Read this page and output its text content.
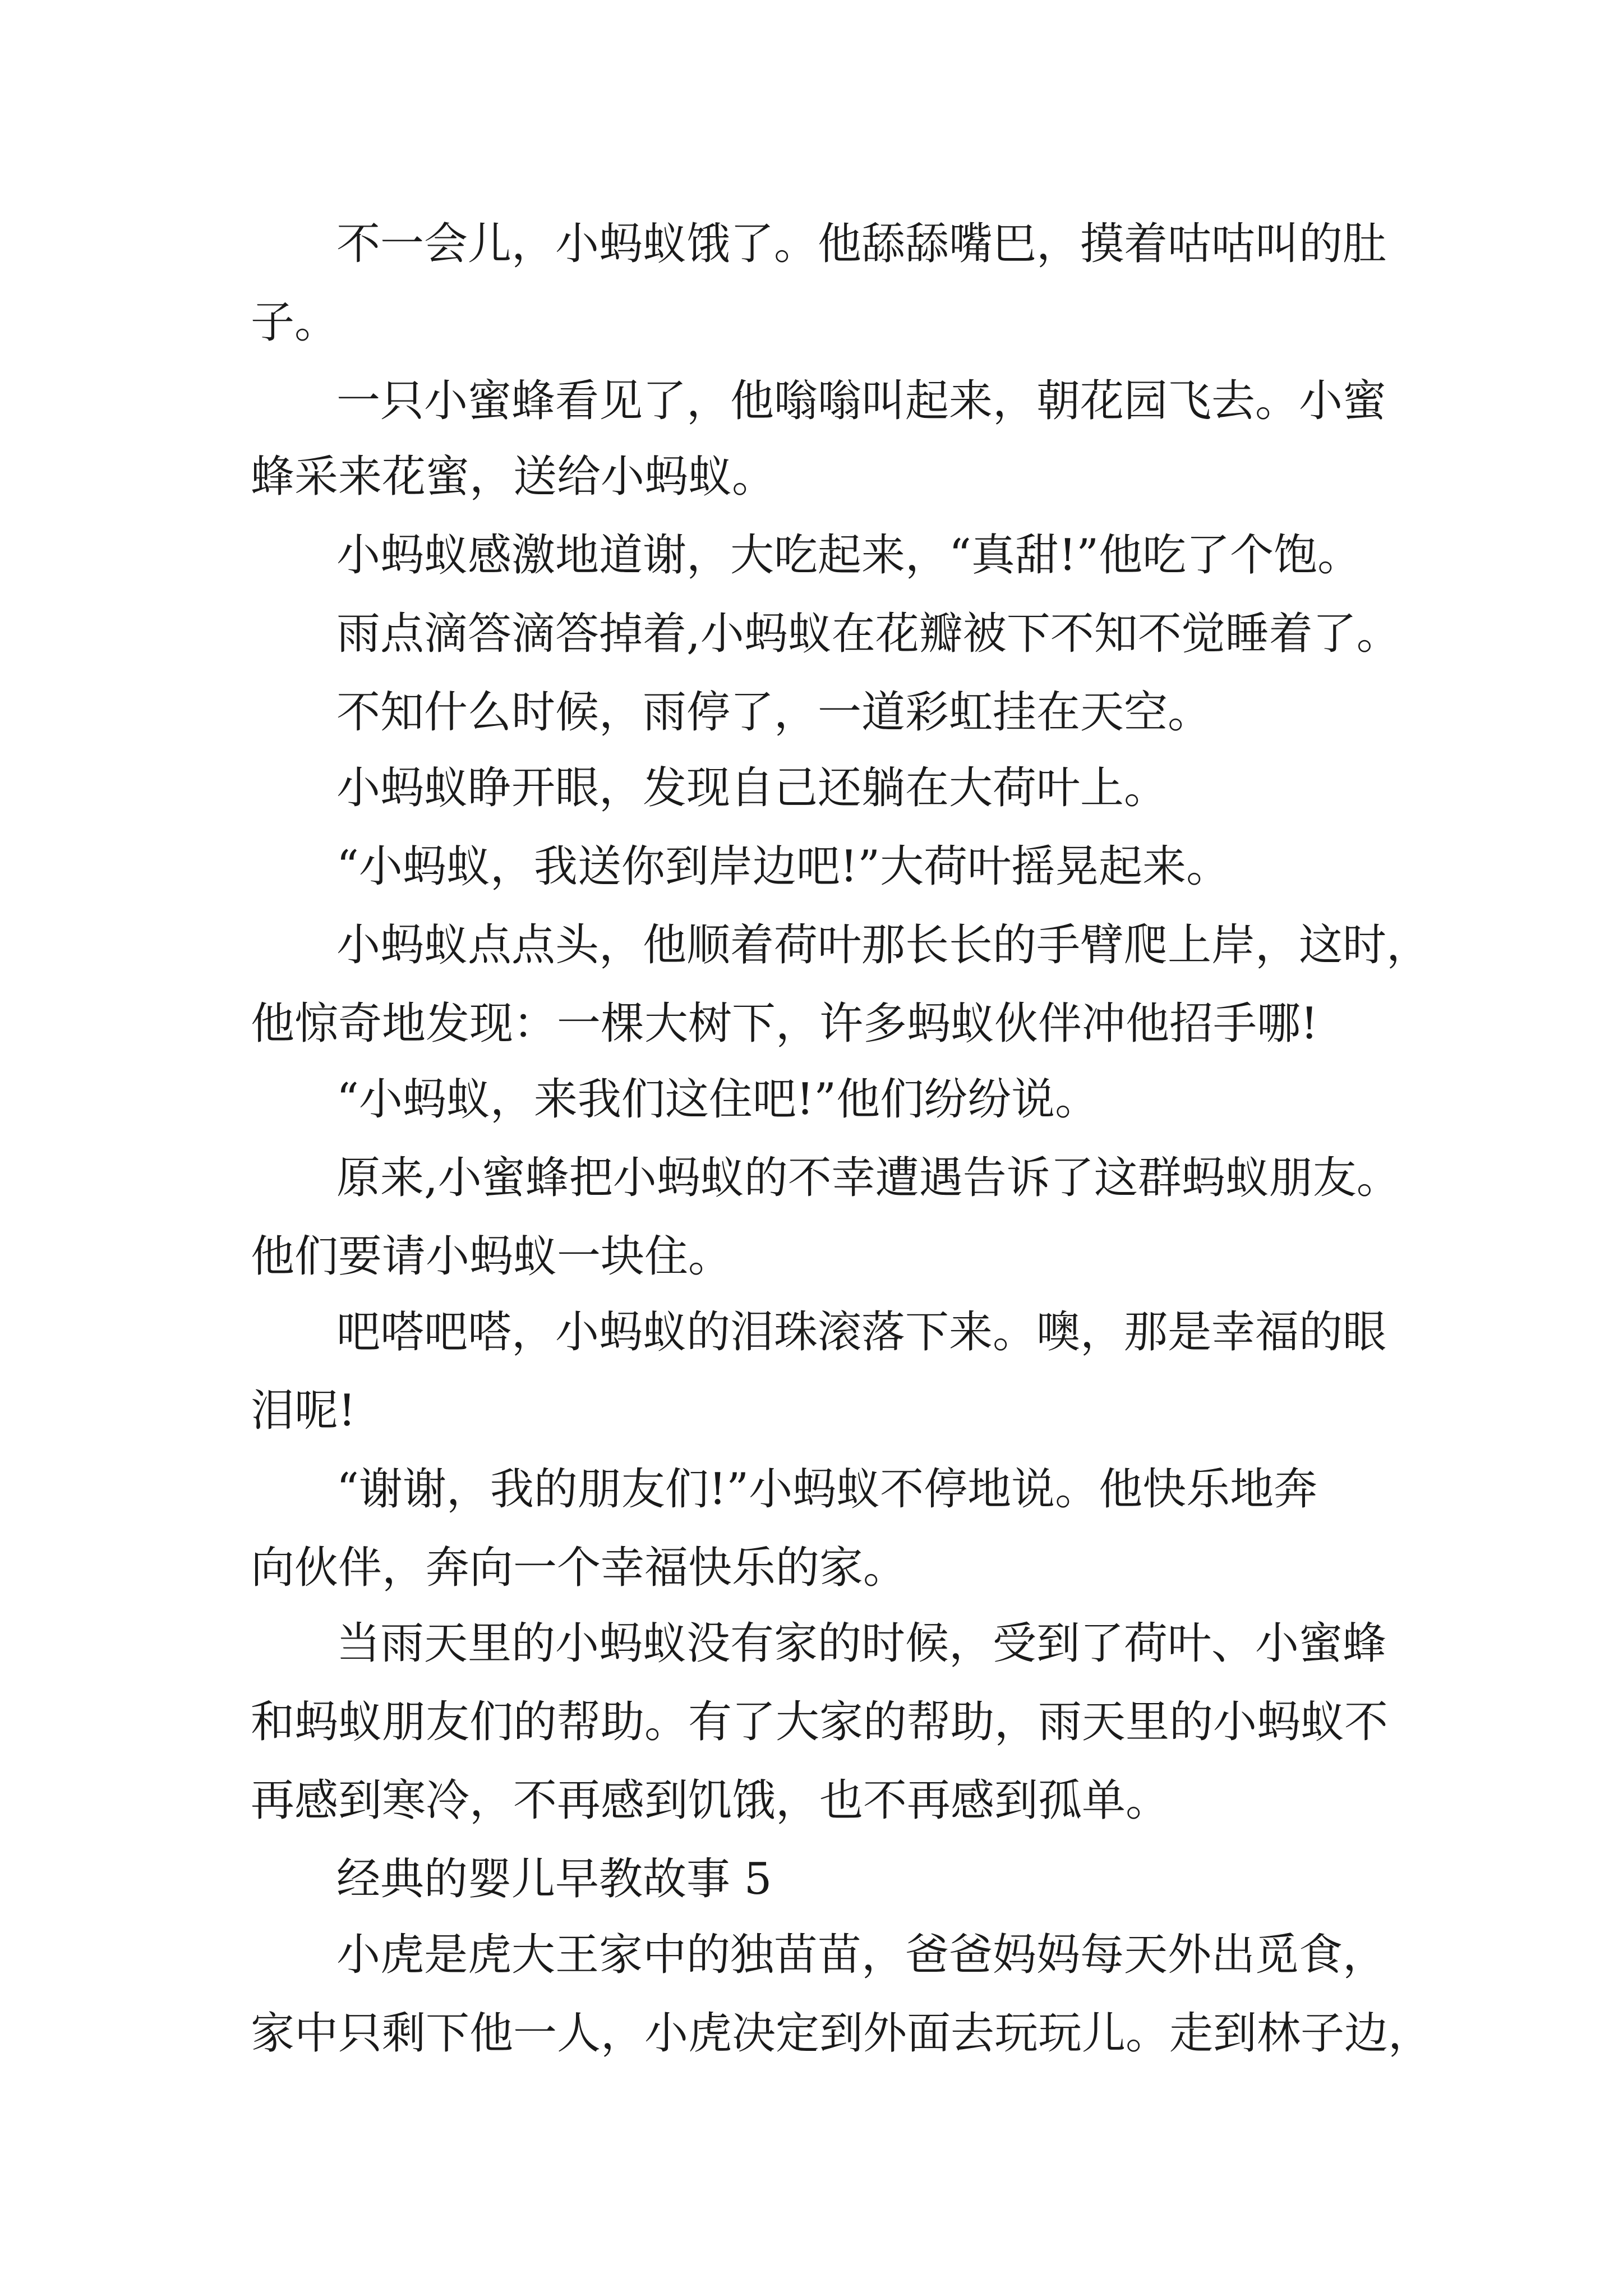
不一会儿，小蚂蚁饿了。他舔舔嘴巴，摸着咕咕叫的肚
子。
一只小蜜蜂看见了，他嗡嗡叫起来，朝花园飞去。小蜜
蜂采来花蜜，送给小蚂蚁。
小蚂蚁感激地道谢，大吃起来，“真甜!”他吃了个饱。
雨点滴答滴答掉着,小蚂蚁在花瓣被下不知不觉睡着了。
不知什么时候，雨停了，一道彩虹挂在天空。
小蚂蚁睁开眼，发现自己还躺在大荷叶上。
“小蚂蚁，我送你到岸边吧!”大荷叶摇晃起来。
小蚂蚁点点头，他顺着荷叶那长长的手臂爬上岸，这时，
他惊奇地发现：一棵大树下，许多蚂蚁伙伴冲他招手哪!
“小蚂蚁，来我们这住吧!”他们纷纷说。
原来,小蜜蜂把小蚂蚁的不幸遭遇告诉了这群蚂蚁朋友。
他们要请小蚂蚁一块住。
吧嗒吧嗒，小蚂蚁的泪珠滚落下来。噢，那是幸福的眼
泪呢!
“谢谢，我的朋友们!”小蚂蚁不停地说。他快乐地奔
向伙伴，奔向一个幸福快乐的家。
当雨天里的小蚂蚁没有家的时候，受到了荷叶、小蜜蜂
和蚂蚁朋友们的帮助。有了大家的帮助，雨天里的小蚂蚁不
再感到寒冷，不再感到饥饿，也不再感到孤单。
经典的婴儿早教故事 5
小虎是虎大王家中的独苗苗，爸爸妈妈每天外出觅食，
家中只剩下他一人，小虎决定到外面去玩玩儿。走到林子边，
